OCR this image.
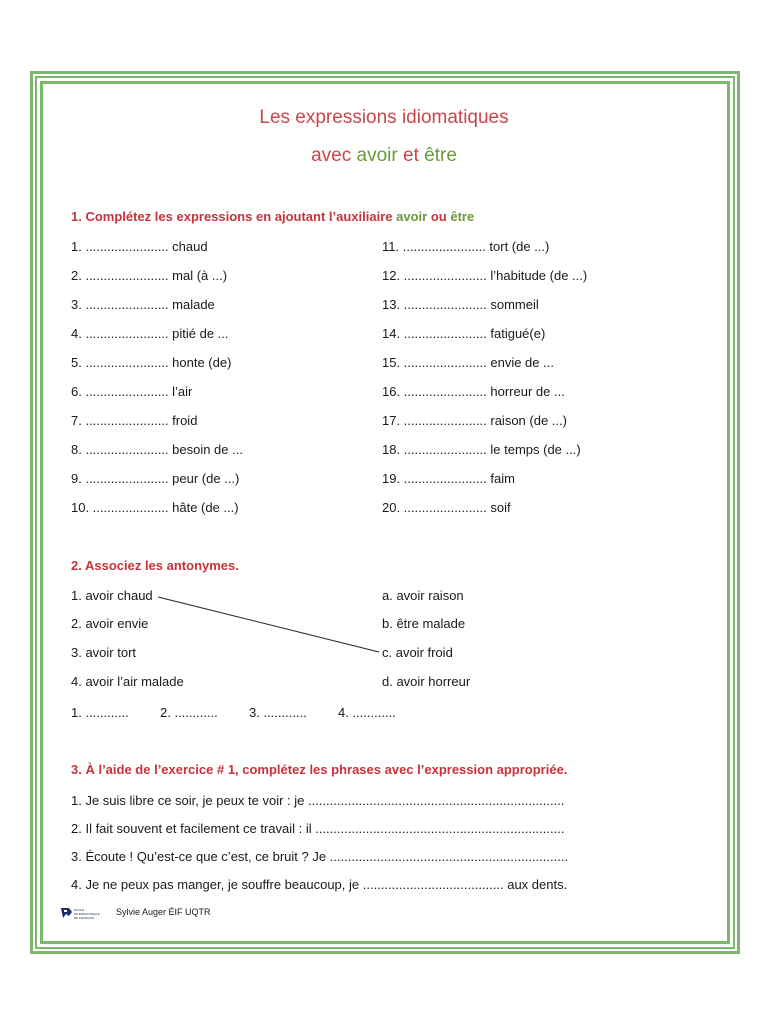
Les expressions idiomatiques
avec avoir et être
1. Complétez les expressions en ajoutant l’auxiliaire avoir ou être
1. ....................... chaud
2. ....................... mal (à ...)
3. ....................... malade
4. ....................... pitié de ...
5. ....................... honte (de)
6. ....................... l’air
7. ....................... froid
8. ....................... besoin de ...
9. ....................... peur (de ...)
10. ..................... hâte (de ...)
11. ....................... tort (de ...)
12. ....................... l’habitude (de ...)
13. ....................... sommeil
14. ....................... fatigué(e)
15. ....................... envie de ...
16. ....................... horreur de ...
17. ....................... raison (de ...)
18. ....................... le temps (de ...)
19. ....................... faim
20. ....................... soif
2. Associez les antonymes.
1. avoir chaud
2. avoir envie
3. avoir tort
4. avoir l’air malade
a. avoir raison
b. être malade
c. avoir froid
d. avoir horreur
1. ............ 2. ............ 3. ............ 4. ............
3. À l’aide de l’exercice # 1, complétez les phrases avec l’expression appropriée.
1. Je suis libre ce soir, je peux te voir : je .......................................................................
2. Il fait souvent et facilement ce travail : il .....................................................................
3. Écoute ! Qu’est-ce que c’est, ce bruit ? Je ..................................................................
4. Je ne peux pas manger, je souffre beaucoup, je ....................................... aux dents.
ÉCOLE
INTERNATIONALE
DE FRANÇAIS
Sylvie Auger ÉIF UQTR
